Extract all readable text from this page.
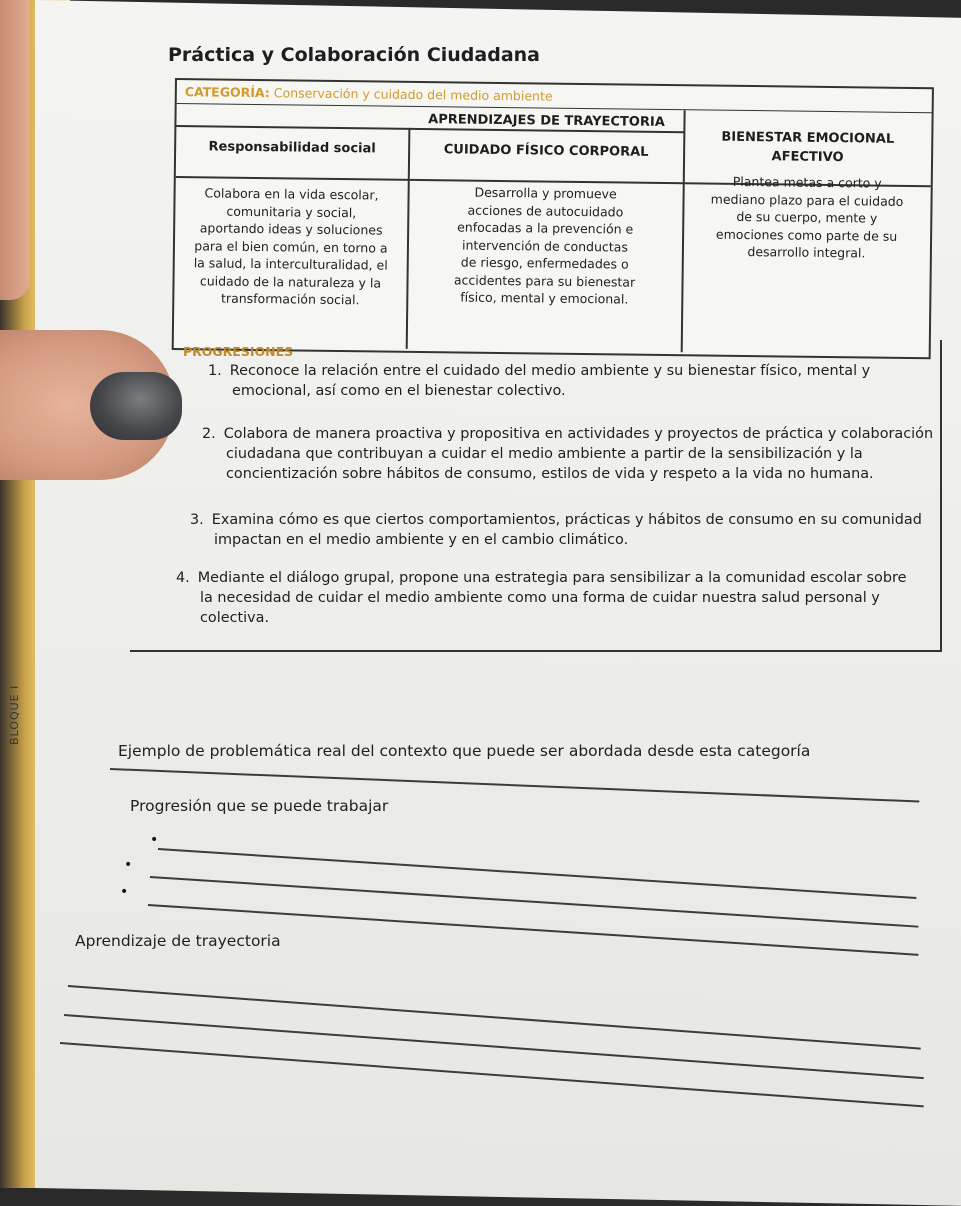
Práctica y Colaboración Ciudadana
CATEGORÍA: Conservación y cuidado del medio ambiente
APRENDIZAJES DE TRAYECTORIA
Responsabilidad social	CUIDADO FÍSICO CORPORAL
BIENESTAR EMOCIONAL
AFECTIVO
Colabora en la vida escolar,
comunitaria y social,
aportando ideas y soluciones
para el bien común, en torno a
la salud, la interculturalidad, el
cuidado de la naturaleza y la
transformación social.
Desarrolla y promueve
acciones de autocuidado
enfocadas a la prevención e
intervención de conductas
de riesgo, enfermedades o
accidentes para su bienestar
físico, mental y emocional.
Plantea metas a corto y
mediano plazo para el cuidado
de su cuerpo, mente y
emociones como parte de su
desarrollo integral.
PROGRESIONES
1. Reconoce la relación entre el cuidado del medio ambiente y su bienestar físico, mental y
emocional, así como en el bienestar colectivo.
2. Colabora de manera proactiva y propositiva en actividades y proyectos de práctica y colaboración
ciudadana que contribuyan a cuidar el medio ambiente a partir de la sensibilización y la
concientización sobre hábitos de consumo, estilos de vida y respeto a la vida no humana.
3. Examina cómo es que ciertos comportamientos, prácticas y hábitos de consumo en su comunidad
impactan en el medio ambiente y en el cambio climático.
4. Mediante el diálogo grupal, propone una estrategia para sensibilizar a la comunidad escolar sobre
la necesidad de cuidar el medio ambiente como una forma de cuidar nuestra salud personal y
colectiva.
Ejemplo de problemática real del contexto que puede ser abordada desde esta categoría
BLOQUE I
Progresión que se puede trabajar
•
•
•
Aprendizaje de trayectoria
